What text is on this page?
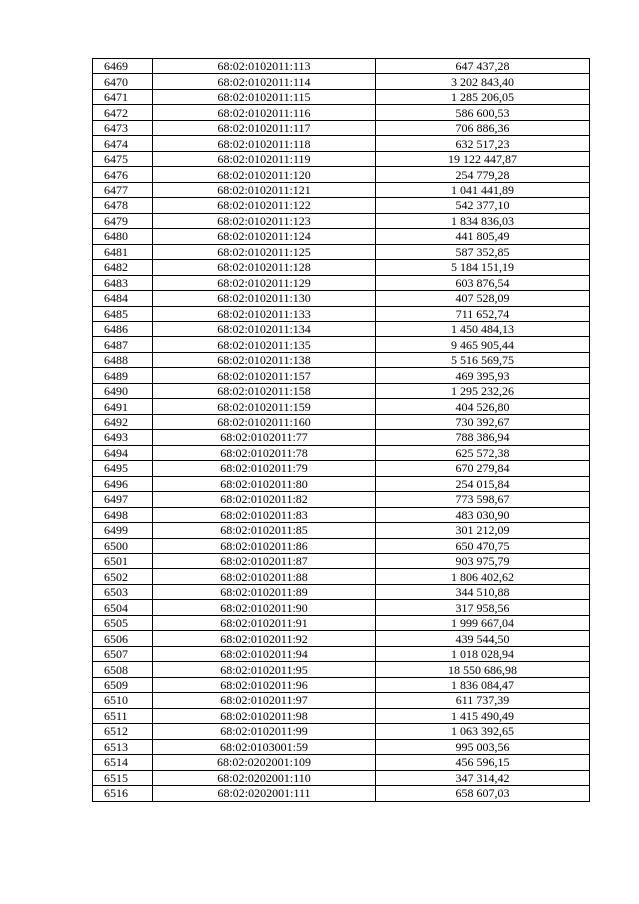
6469	68:02:0102011:113	647 437,28
6470	68:02:0102011:114	3 202 843,40
6471	68:02:0102011:115	1 285 206,05
6472	68:02:0102011:116	586 600,53
6473	68:02:0102011:117	706 886,36
6474	68:02:0102011:118	632 517,23
6475	68:02:0102011:119	19 122 447,87
6476	68:02:0102011:120	254 779,28
6477	68:02:0102011:121	1 041 441,89
6478	68:02:0102011:122	542 377,10
6479	68:02:0102011:123	1 834 836,03
6480	68:02:0102011:124	441 805,49
6481	68:02:0102011:125	587 352,85
6482	68:02:0102011:128	5 184 151,19
6483	68:02:0102011:129	603 876,54
6484	68:02:0102011:130	407 528,09
6485	68:02:0102011:133	711 652,74
6486	68:02:0102011:134	1 450 484,13
6487	68:02:0102011:135	9 465 905,44
6488	68:02:0102011:138	5 516 569,75
6489	68:02:0102011:157	469 395,93
6490	68:02:0102011:158	1 295 232,26
6491	68:02:0102011:159	404 526,80
6492	68:02:0102011:160	730 392,67
6493	68:02:0102011:77	788 386,94
6494	68:02:0102011:78	625 572,38
6495	68:02:0102011:79	670 279,84
6496	68:02:0102011:80	254 015,84
6497	68:02:0102011:82	773 598,67
6498	68:02:0102011:83	483 030,90
6499	68:02:0102011:85	301 212,09
6500	68:02:0102011:86	650 470,75
6501	68:02:0102011:87	903 975,79
6502	68:02:0102011:88	1 806 402,62
6503	68:02:0102011:89	344 510,88
6504	68:02:0102011:90	317 958,56
6505	68:02:0102011:91	1 999 667,04
6506	68:02:0102011:92	439 544,50
6507	68:02:0102011:94	1 018 028,94
6508	68:02:0102011:95	18 550 686,98
6509	68:02:0102011:96	1 836 084,47
6510	68:02:0102011:97	611 737,39
6511	68:02:0102011:98	1 415 490,49
6512	68:02:0102011:99	1 063 392,65
6513	68:02:0103001:59	995 003,56
6514	68:02:0202001:109	456 596,15
6515	68:02:0202001:110	347 314,42
6516	68:02:0202001:111	658 607,03
